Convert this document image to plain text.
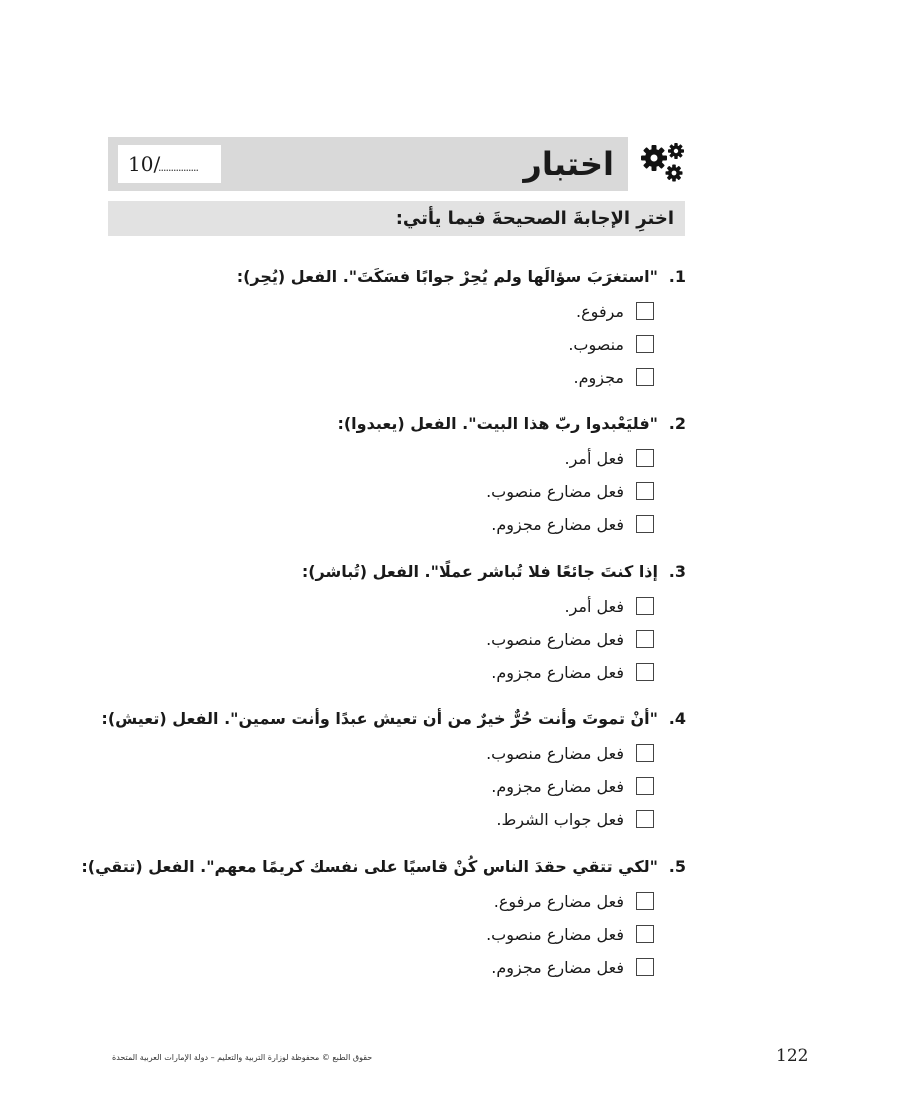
10/
................	اختبار

اخترِ الإجابةَ الصحيحةَ فيما يأتي:

1."استغرَبَ سؤالَها ولم يُحِرْ جوابًا فسَكَتَ". الفعل (يُحِر):

مرفوع.
منصوب.
مجزوم.

2."فليَعْبدوا ربّ هذا البيت". الفعل (يعبدوا):

فعل أمر.
فعل مضارع منصوب.
فعل مضارع مجزوم.

3.إذا كنتَ جائعًا فلا تُباشر عملًا". الفعل (تُباشر):

فعل أمر.
فعل مضارع منصوب.
فعل مضارع مجزوم.

4."أنْ تموتَ وأنت حُرٌّ خيرٌ من أن تعيش عبدًا وأنت سمين". الفعل (تعيش):

فعل مضارع منصوب.
فعل مضارع مجزوم.
فعل جواب الشرط.

5."لكي تتقي حقدَ الناس كُنْ قاسيًا على نفسك كريمًا معهم". الفعل (تتقي):

فعل مضارع مرفوع.
فعل مضارع منصوب.
فعل مضارع مجزوم.
حقوق الطبع © محفوظة لوزارة التربية والتعليم – دولة الإمارات العربية المتحدة	122
